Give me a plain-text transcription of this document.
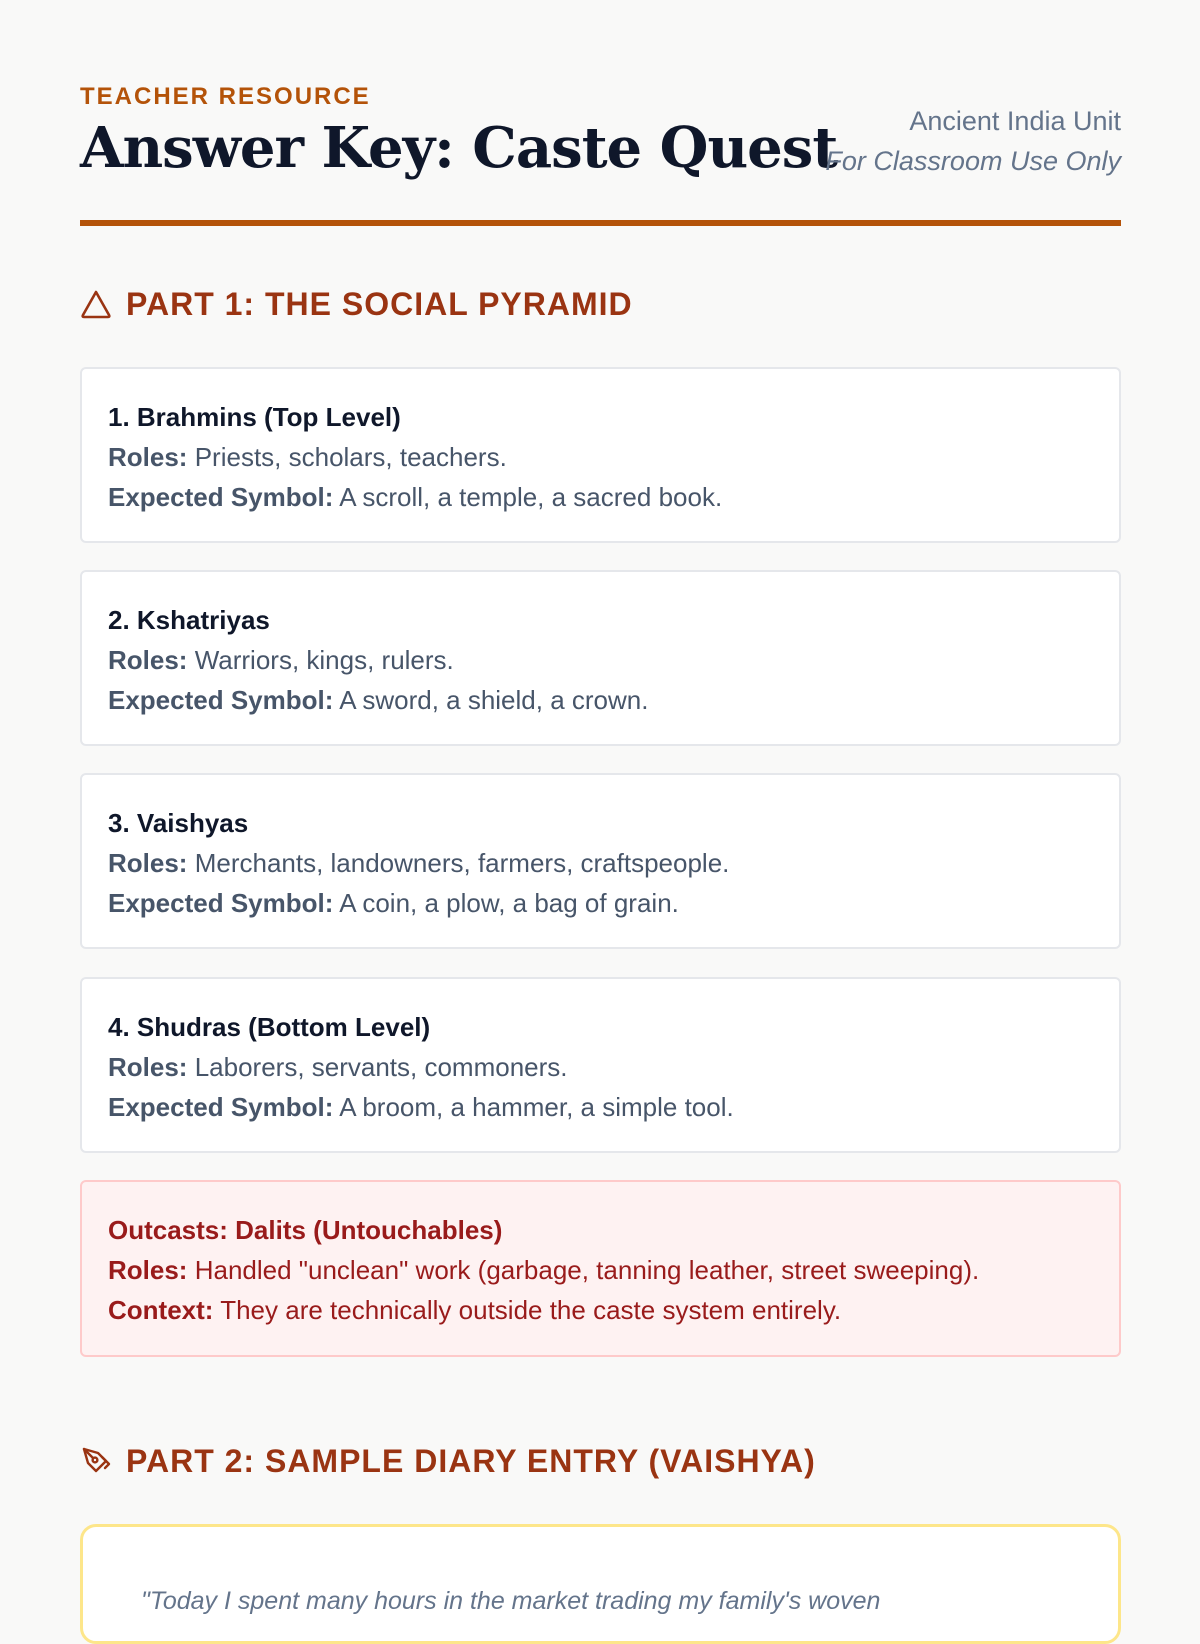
TEACHER RESOURCE
Answer Key: Caste Quest	Ancient India Unit
For Classroom Use Only
PART 1: THE SOCIAL PYRAMID
1. Brahmins (Top Level)
Roles: Priests, scholars, teachers.
Expected Symbol: A scroll, a temple, a sacred book.
2. Kshatriyas
Roles: Warriors, kings, rulers.
Expected Symbol: A sword, a shield, a crown.
3. Vaishyas
Roles: Merchants, landowners, farmers, craftspeople.
Expected Symbol: A coin, a plow, a bag of grain.
4. Shudras (Bottom Level)
Roles: Laborers, servants, commoners.
Expected Symbol: A broom, a hammer, a simple tool.
Outcasts: Dalits (Untouchables)
Roles: Handled "unclean" work (garbage, tanning leather, street sweeping).
Context: They are technically outside the caste system entirely.
PART 2: SAMPLE DIARY ENTRY (VAISHYA)
"Today I spent many hours in the market trading my family's woven
